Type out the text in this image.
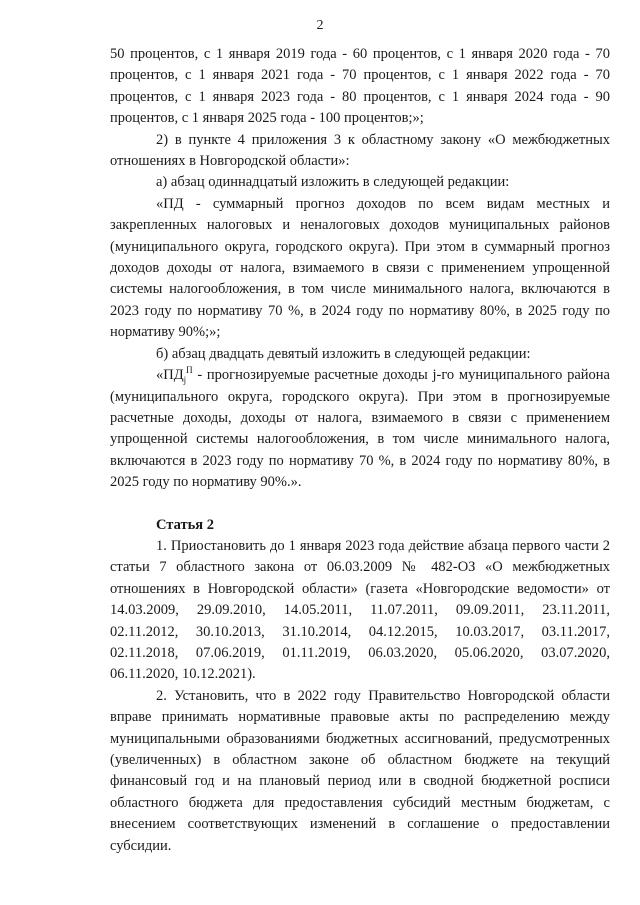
2

50 процентов, с 1 января 2019 года - 60 процентов, с 1 января 2020 года - 70 процентов, с 1 января 2021 года - 70 процентов, с 1 января 2022 года - 70 процентов, с 1 января 2023 года - 80 процентов, с 1 января 2024 года - 90 процентов, с 1 января 2025 года - 100 процентов;»;

2) в пункте 4 приложения 3 к областному закону «О межбюджетных отношениях в Новгородской области»:

а) абзац одиннадцатый изложить в следующей редакции:

«ПД - суммарный прогноз доходов по всем видам местных и закрепленных налоговых и неналоговых доходов муниципальных районов (муниципального округа, городского округа). При этом в суммарный прогноз доходов доходы от налога, взимаемого в связи с применением упрощенной системы налогообложения, в том числе минимального налога, включаются в 2023 году по нормативу 70 %, в 2024 году по нормативу 80%, в 2025 году по нормативу 90%;»;

б) абзац двадцать девятый изложить в следующей редакции:

«$ПД_j^П$ - прогнозируемые расчетные доходы j-го муниципального района (муниципального округа, городского округа). При этом в прогнозируемые расчетные доходы, доходы от налога, взимаемого в связи с применением упрощенной системы налогообложения, в том числе минимального налога, включаются в 2023 году по нормативу 70 %, в 2024 году по нормативу 80%, в 2025 году по нормативу 90%.».

Статья 2

1. Приостановить до 1 января 2023 года действие абзаца первого части 2 статьи 7 областного закона от 06.03.2009 № 482-ОЗ «О межбюджетных отношениях в Новгородской области» (газета «Новгородские ведомости» от 14.03.2009, 29.09.2010, 14.05.2011, 11.07.2011, 09.09.2011, 23.11.2011, 02.11.2012, 30.10.2013, 31.10.2014, 04.12.2015, 10.03.2017, 03.11.2017, 02.11.2018, 07.06.2019, 01.11.2019, 06.03.2020, 05.06.2020, 03.07.2020, 06.11.2020, 10.12.2021).

2. Установить, что в 2022 году Правительство Новгородской области вправе принимать нормативные правовые акты по распределению между муниципальными образованиями бюджетных ассигнований, предусмотренных (увеличенных) в областном законе об областном бюджете на текущий финансовый год и на плановый период или в сводной бюджетной росписи областного бюджета для предоставления субсидий местным бюджетам, с внесением соответствующих изменений в соглашение о предоставлении субсидии.
